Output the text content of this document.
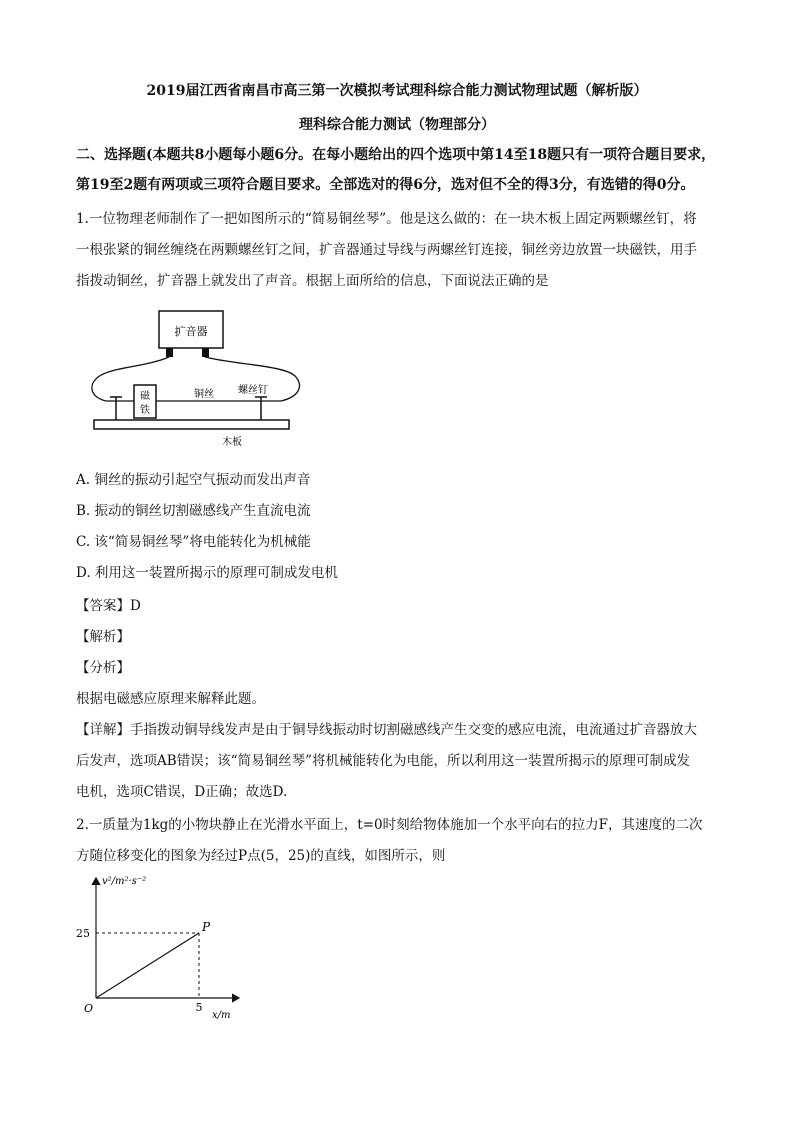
2019届江西省南昌市高三第一次模拟考试理科综合能力测试物理试题（解析版）
理科综合能力测试（物理部分）
二、选择题(本题共8小题每小题6分。在每小题给出的四个选项中第14至18题只有一项符合题目要求，
第19至2题有两项或三项符合题目要求。全部选对的得6分，选对但不全的得3分，有选错的得0分。
1.一位物理老师制作了一把如图所示的“简易铜丝琴”。他是这么做的：在一块木板上固定两颗螺丝钉，将
一根张紧的铜丝缠绕在两颗螺丝钉之间，扩音器通过导线与两螺丝钉连接，铜丝旁边放置一块磁铁，用手
指拨动铜丝，扩音器上就发出了声音。根据上面所给的信息，下面说法正确的是
扩音器
磁
铁
铜丝 螺丝钉
木板
A. 铜丝的振动引起空气振动而发出声音
B. 振动的铜丝切割磁感线产生直流电流
C. 该“简易铜丝琴”将电能转化为机械能
D. 利用这一装置所揭示的原理可制成发电机
【答案】D
【解析】
【分析】
根据电磁感应原理来解释此题。
【详解】手指拨动铜导线发声是由于铜导线振动时切割磁感线产生交变的感应电流，电流通过扩音器放大
后发声，选项AB错误；该“简易铜丝琴”将机械能转化为电能，所以利用这一装置所揭示的原理可制成发
电机，选项C错误，D正确；故选D.
2.一质量为1kg的小物块静止在光滑水平面上，t=0时刻给物体施加一个水平向右的拉力F，其速度的二次
方随位移变化的图象为经过P点(5，25)的直线，如图所示，则
v²/m²·s⁻²
x/m
O
25
5
P
